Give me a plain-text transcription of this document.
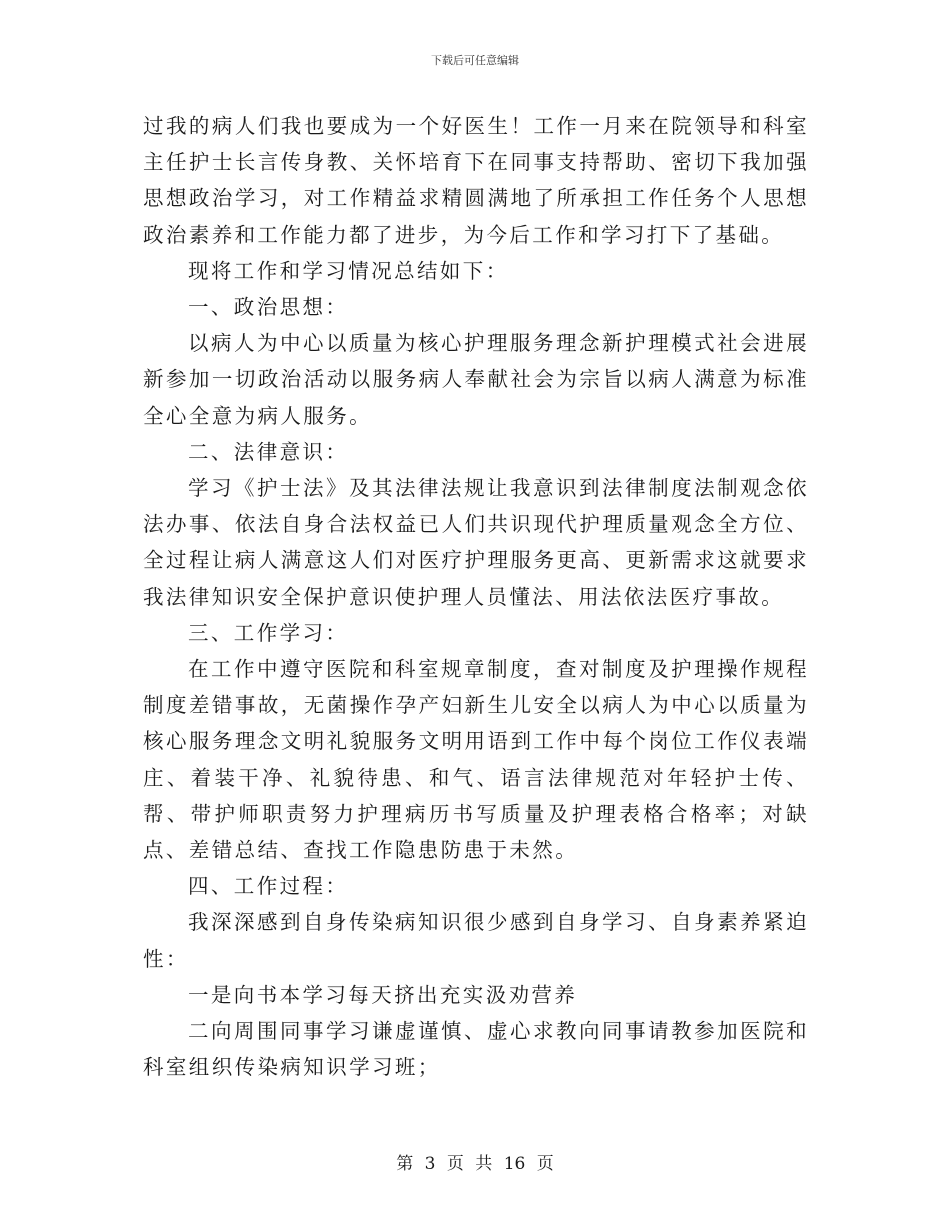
下载后可任意编辑

过我的病人们我也要成为一个好医生！工作一月来在院领导和科室主任护士长言传身教、关怀培育下在同事支持帮助、密切下我加强思想政治学习，对工作精益求精圆满地了所承担工作任务个人思想政治素养和工作能力都了进步，为今后工作和学习打下了基础。

现将工作和学习情况总结如下：

一、政治思想：

以病人为中心以质量为核心护理服务理念新护理模式社会进展新参加一切政治活动以服务病人奉献社会为宗旨以病人满意为标准全心全意为病人服务。

二、法律意识：

学习《护士法》及其法律法规让我意识到法律制度法制观念依法办事、依法自身合法权益已人们共识现代护理质量观念全方位、全过程让病人满意这人们对医疗护理服务更高、更新需求这就要求我法律知识安全保护意识使护理人员懂法、用法依法医疗事故。

三、工作学习：

在工作中遵守医院和科室规章制度，查对制度及护理操作规程制度差错事故，无菌操作孕产妇新生儿安全以病人为中心以质量为核心服务理念文明礼貌服务文明用语到工作中每个岗位工作仪表端庄、着装干净、礼貌待患、和气、语言法律规范对年轻护士传、帮、带护师职责努力护理病历书写质量及护理表格合格率；对缺点、差错总结、查找工作隐患防患于未然。

四、工作过程：

我深深感到自身传染病知识很少感到自身学习、自身素养紧迫性：

一是向书本学习每天挤出充实汲劝营养

二向周围同事学习谦虚谨慎、虚心求教向同事请教参加医院和科室组织传染病知识学习班；

第 3 页 共 16 页
